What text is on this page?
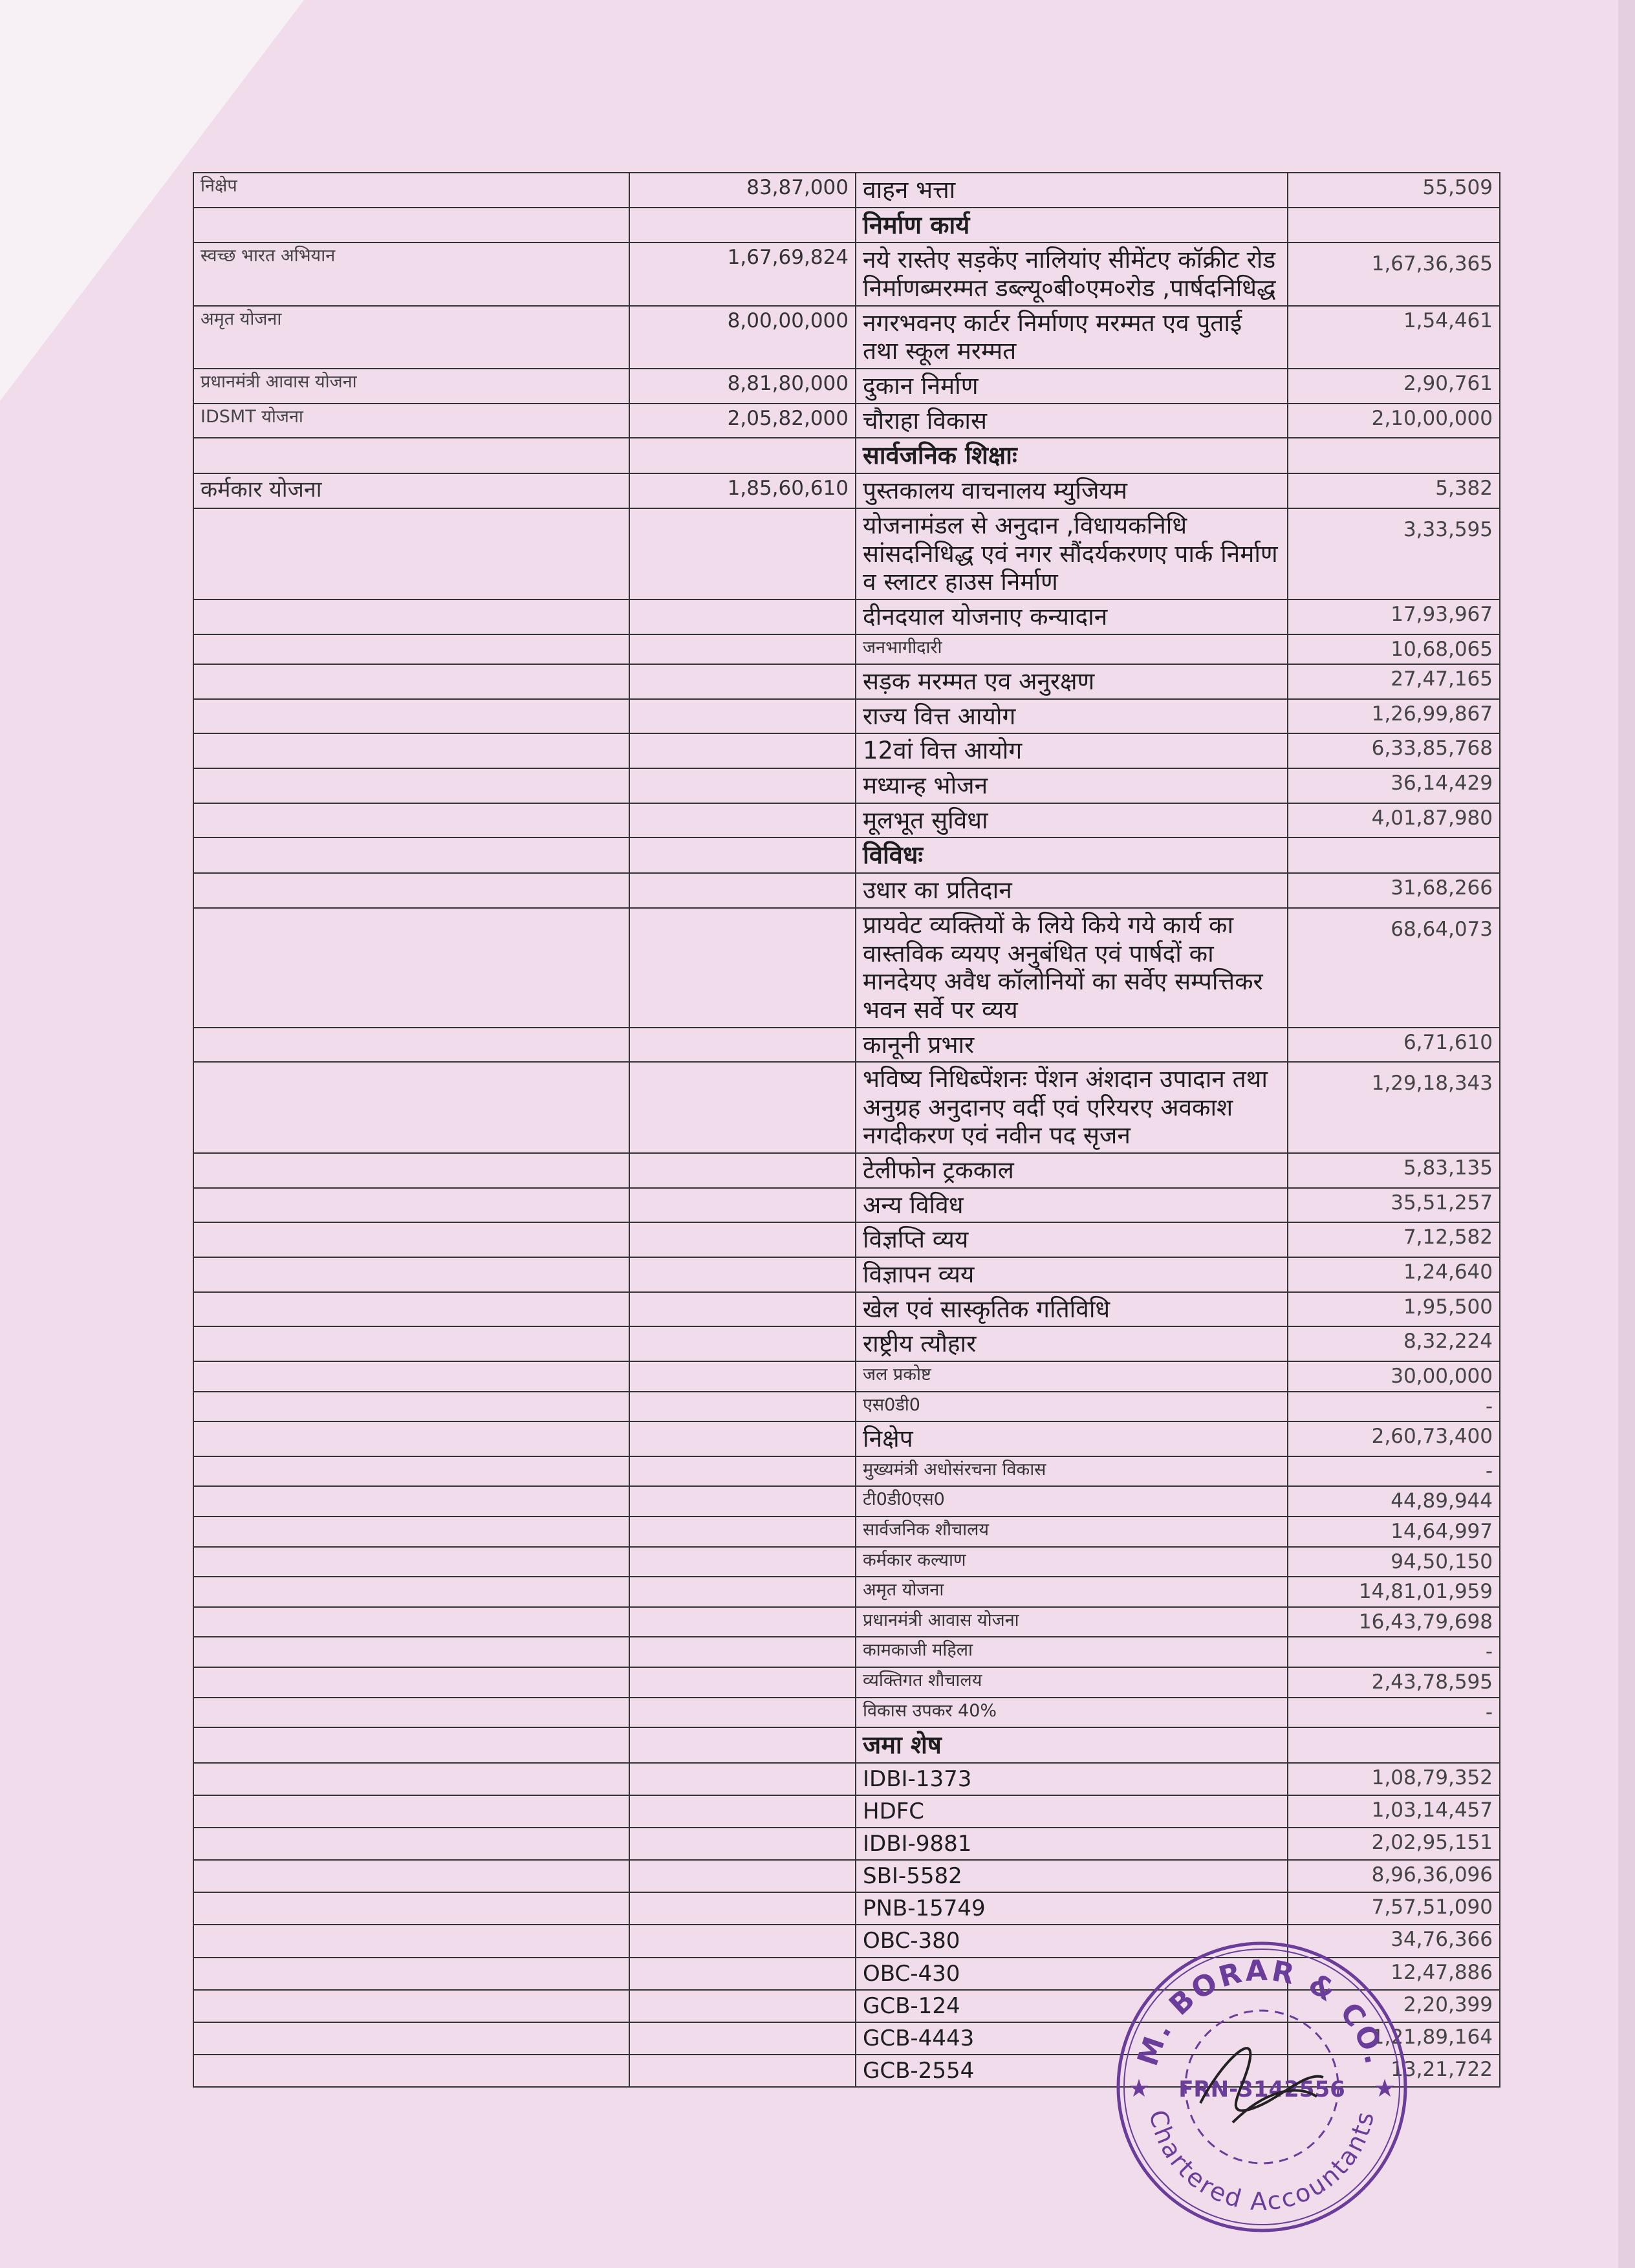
निक्षेप	83,87,000	वाहन भत्ता	55,509
		निर्माण कार्य	
स्वच्छ भारत अभियान	1,67,69,824	नये रास्तेए सड़केंए नालियांए सीमेंटए कॉक्रीट रोड निर्माणब्मरम्मत डब्ल्यू०बी०एम०रोड ,पार्षदनिधिद्ध	1,67,36,365
अमृत योजना	8,00,00,000	नगरभवनए कार्टर निर्माणए मरम्मत एव पुताई तथा स्कूल मरम्मत	1,54,461
प्रधानमंत्री आवास योजना	8,81,80,000	दुकान निर्माण	2,90,761
IDSMT योजना	2,05,82,000	चौराहा विकास	2,10,00,000
		सार्वजनिक शिक्षाः	
कर्मकार योजना	1,85,60,610	पुस्तकालय वाचनालय म्युजियम	5,382
		योजनामंडल से अनुदान ,विधायकनिधि सांसदनिधिद्ध एवं नगर सौंदर्यकरणए पार्क निर्माण व स्लाटर हाउस निर्माण	3,33,595
		दीनदयाल योजनाए कन्यादान	17,93,967
		जनभागीदारी	10,68,065
		सड़क मरम्मत एव अनुरक्षण	27,47,165
		राज्य वित्त आयोग	1,26,99,867
		12वां वित्त आयोग	6,33,85,768
		मध्यान्ह भोजन	36,14,429
		मूलभूत सुविधा	4,01,87,980
		विविधः	
		उधार का प्रतिदान	31,68,266
		प्रायवेट व्यक्तियों के लिये किये गये कार्य का वास्तविक व्ययए अनुबंधित एवं पार्षदों का मानदेयए अवैध कॉलोनियों का सर्वेए सम्पत्तिकर भवन सर्वे पर व्यय	68,64,073
		कानूनी प्रभार	6,71,610
		भविष्य निधिब्पेंशनः पेंशन अंशदान उपादान तथा अनुग्रह अनुदानए वर्दी एवं एरियरए अवकाश नगदीकरण एवं नवीन पद सृजन	1,29,18,343
		टेलीफोन ट्रककाल	5,83,135
		अन्य विविध	35,51,257
		विज्ञप्ति व्यय	7,12,582
		विज्ञापन व्यय	1,24,640
		खेल एवं सास्कृतिक गतिविधि	1,95,500
		राष्ट्रीय त्यौहार	8,32,224
		जल प्रकोष्ट	30,00,000
		एस0डी0	-
		निक्षेप	2,60,73,400
		मुख्यमंत्री अधोसंरचना विकास	-
		टी0डी0एस0	44,89,944
		सार्वजनिक शौचालय	14,64,997
		कर्मकार कल्याण	94,50,150
		अमृत योजना	14,81,01,959
		प्रधानमंत्री आवास योजना	16,43,79,698
		कामकाजी महिला	-
		व्यक्तिगत शौचालय	2,43,78,595
		विकास उपकर 40%	-
		जमा शेष	
		IDBI-1373	1,08,79,352
		HDFC	1,03,14,457
		IDBI-9881	2,02,95,151
		SBI-5582	8,96,36,096
		PNB-15749	7,57,51,090
		OBC-380	34,76,366
		OBC-430	12,47,886
		GCB-124	2,20,399
		GCB-4443	1,21,89,164
		GCB-2554	13,21,722
M. BORAR & CO.
Chartered Accountants
FRN-3142556
★	★
